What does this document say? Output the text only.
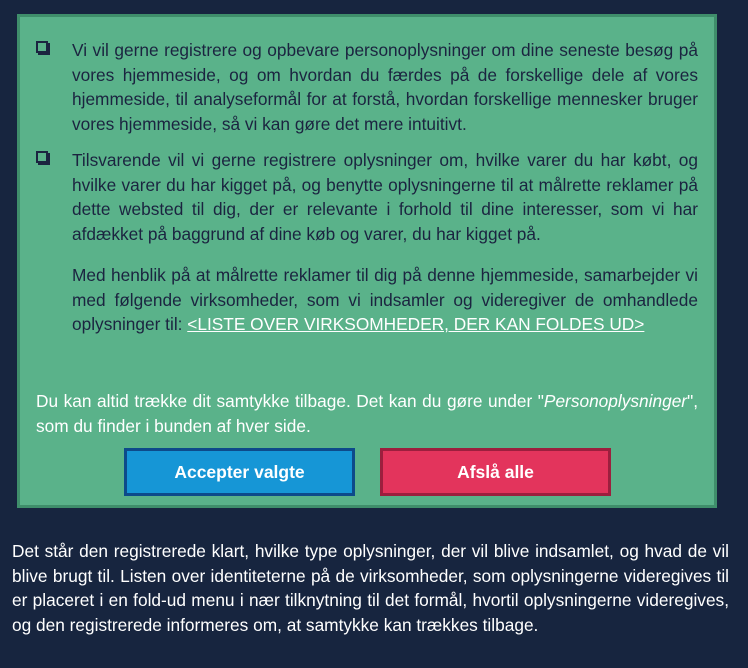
Vi vil gerne registrere og opbevare personoplysninger om dine seneste besøg på vores hjemmeside, og om hvordan du færdes på de forskellige dele af vores hjemmeside, til analyseformål for at forstå, hvordan forskellige mennesker bruger vores hjemmeside, så vi kan gøre det mere intuitivt.
Tilsvarende vil vi gerne registrere oplysninger om, hvilke varer du har købt, og hvilke varer du har kigget på, og benytte oplysningerne til at målrette reklamer på dette websted til dig, der er relevante i forhold til dine interesser, som vi har afdækket på baggrund af dine køb og varer, du har kigget på.
Med henblik på at målrette reklamer til dig på denne hjemmeside, samarbejder vi med følgende virksomheder, som vi indsamler og videregiver de omhandlede oplysninger til: <LISTE OVER VIRKSOMHEDER, DER KAN FOLDES UD>
Du kan altid trække dit samtykke tilbage. Det kan du gøre under "Personoplysninger", som du finder i bunden af hver side.
Accepter valgte	Afslå alle
Det står den registrerede klart, hvilke type oplysninger, der vil blive indsamlet, og hvad de vil blive brugt til. Listen over identiteterne på de virksomheder, som oplysningerne videregives til er placeret i en fold-ud menu i nær tilknytning til det formål, hvortil oplysningerne videregives, og den registrerede informeres om, at samtykke kan trækkes tilbage.
